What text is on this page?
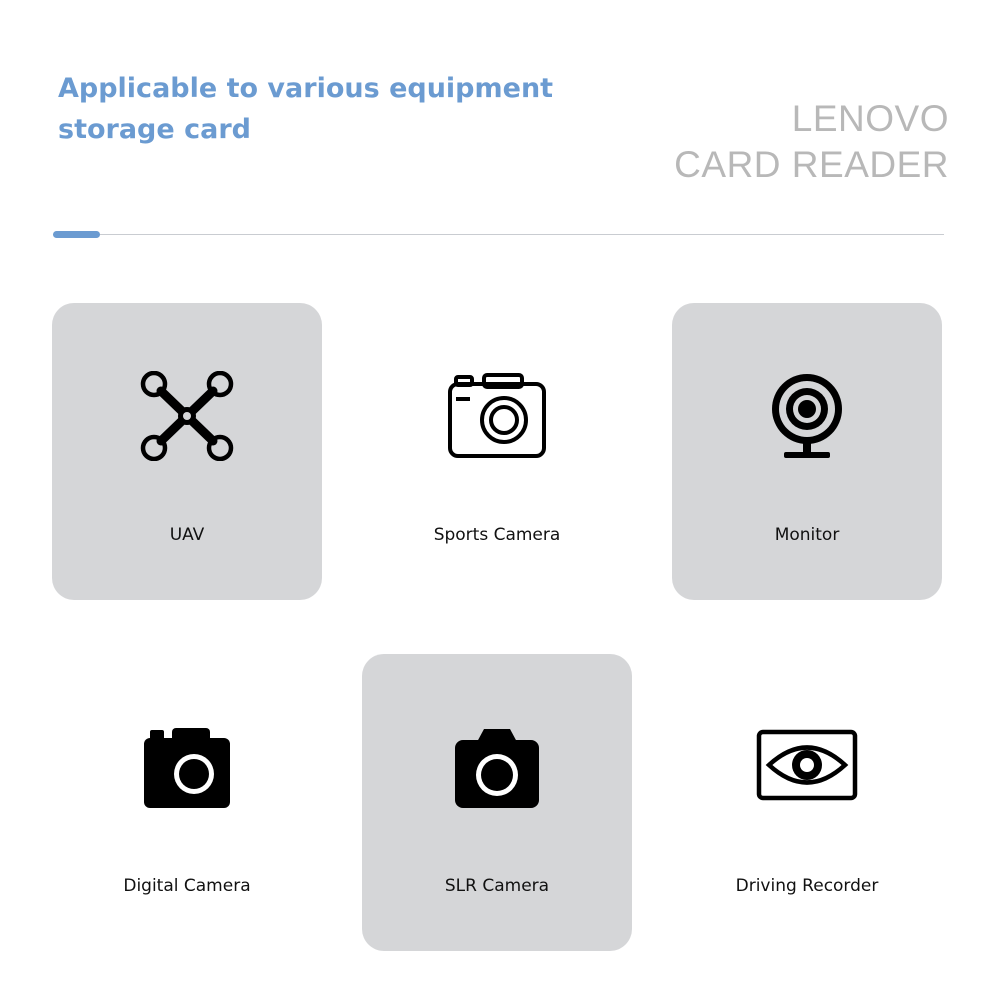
Applicable to various equipment
storage card	LENOVO
CARD READER
UAV	Sports Camera	Monitor
Digital Camera	SLR Camera	Driving Recorder
